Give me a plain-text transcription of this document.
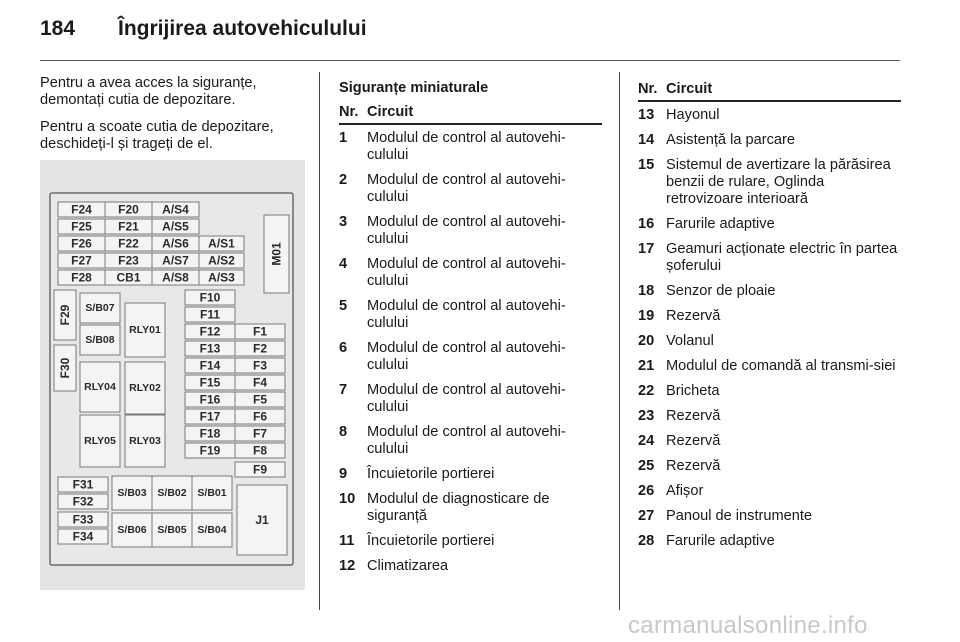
184 Îngrijirea autovehiculului
Pentru a avea acces la siguranțe, demontați cutia de depozitare.
Pentru a scoate cutia de depozitare, deschideți-l și trageți de el.
F24 F20 A/S4
F25 F21 A/S5
F26 F22 A/S6 A/S1
F27 F23 A/S7 A/S2
F28 CB1 A/S8 A/S3
M01
F29 S/B07
RLY01
F10
F11
F12	F1
S/B08
F13	F2
F30
RLY04 RLY02
F14	F3
F15	F4
F16	F5
RLY05 RLY03
F17	F6
F18	F7
F19	F8
F9
F31
S/B03 S/B02 S/B01
F32
F33
S/B06 S/B05 S/B04
J1
F34
Siguranțe miniaturale
Nr. Circuit
1 Modulul de control al autovehi-culului
2 Modulul de control al autovehi-culului
3 Modulul de control al autovehi-culului
4 Modulul de control al autovehi-culului
5 Modulul de control al autovehi-culului
6 Modulul de control al autovehi-culului
7 Modulul de control al autovehi-culului
8 Modulul de control al autovehi-culului
9 Încuietorile portierei
10 Modulul de diagnosticare de siguranță
11 Încuietorile portierei
12 Climatizarea
Nr. Circuit
13 Hayonul
14 Asistență la parcare
15 Sistemul de avertizare la părăsirea benzii de rulare, Oglinda retrovizoare interioară
16 Farurile adaptive
17 Geamuri acționate electric în partea șoferului
18 Senzor de ploaie
19 Rezervă
20 Volanul
21 Modulul de comandă al transmi-siei
22 Bricheta
23 Rezervă
24 Rezervă
25 Rezervă
26 Afișor
27 Panoul de instrumente
28 Farurile adaptive
carmanualsonline.info
